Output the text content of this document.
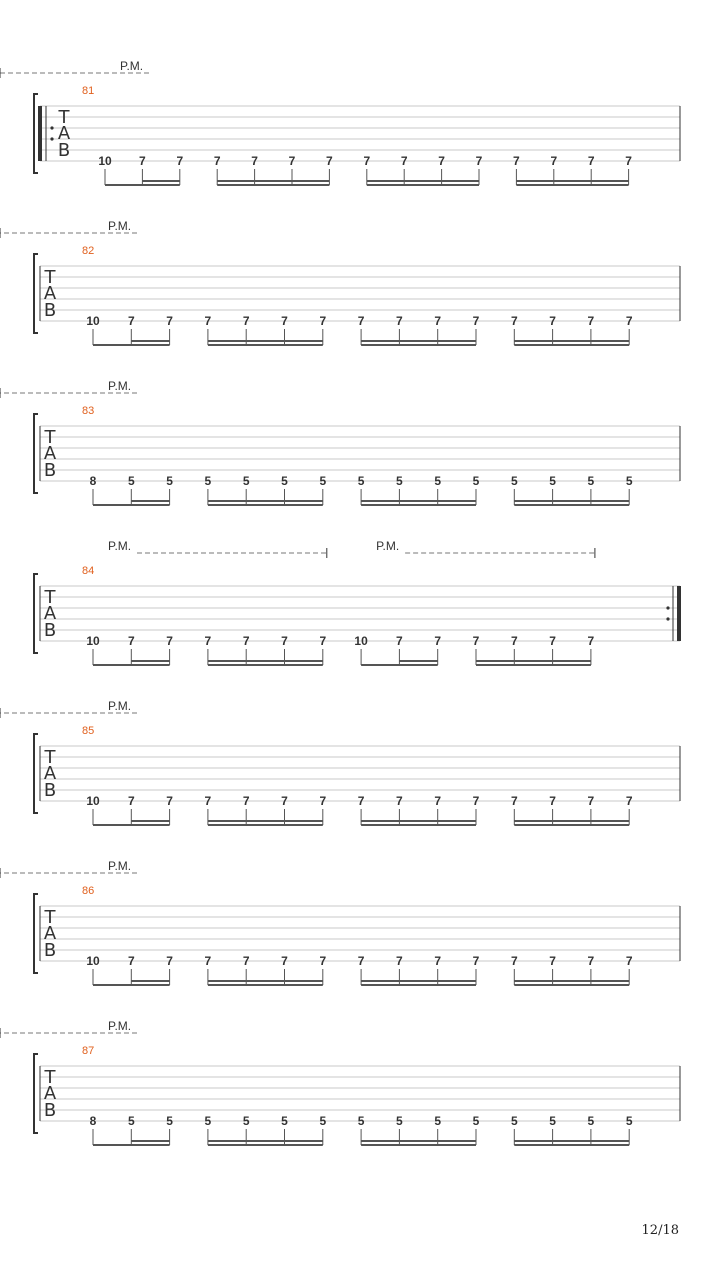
T
A
B
81
10 7	7	7	7	7	7	7	7	7	7	7	7	7	7
P.M.
T
A
B
82
10 7	7	7	7	7	7	7	7	7	7	7	7	7	7
P.M.
T
A
B
83
8	5	5	5	5	5	5	5	5	5	5	5	5	5	5
P.M.
T
A
B
84
10 7	7	7	7	7	7 10 7	7	7	7	7	7
P.M.	P.M.
T
A
B
85
10 7	7	7	7	7	7	7	7	7	7	7	7	7	7
P.M.
T
A
B
86
10 7	7	7	7	7	7	7	7	7	7	7	7	7	7
P.M.
T
A
B
87
8	5	5	5	5	5	5	5	5	5	5	5	5	5	5
P.M.
12/18
